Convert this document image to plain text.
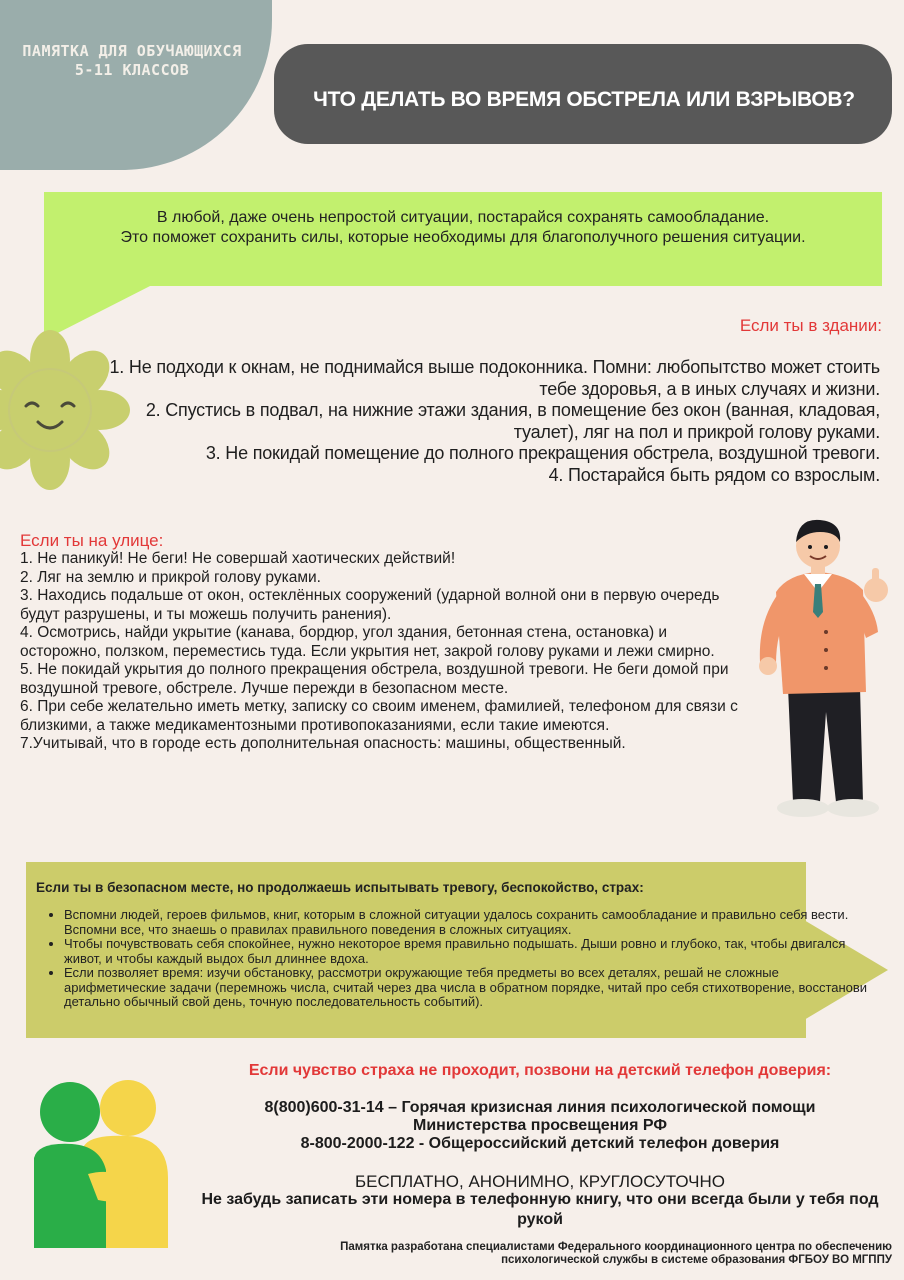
ПАМЯТКА ДЛЯ ОБУЧАЮЩИХСЯ 5-11 КЛАССОВ
ЧТО ДЕЛАТЬ ВО ВРЕМЯ ОБСТРЕЛА ИЛИ ВЗРЫВОВ?
В любой, даже очень непростой ситуации, постарайся сохранять самообладание.
Это поможет сохранить силы, которые необходимы для благополучного решения ситуации.
Если ты в здании:

1. Не подходи к окнам, не поднимайся выше подоконника. Помни: любопытство может стоить тебе здоровья, а в иных случаях и жизни.

2. Спустись в подвал, на нижние этажи здания, в помещение без окон (ванная, кладовая, туалет), ляг на пол и прикрой голову руками.

3. Не покидай помещение до полного прекращения обстрела, воздушной тревоги.

4. Постарайся быть рядом со взрослым.

Если ты на улице:

1. Не паникуй! Не беги! Не совершай хаотических действий!

2. Ляг на землю и прикрой голову руками.

3. Находись подальше от окон, остеклённых сооружений (ударной волной они в первую очередь будут разрушены, и ты можешь получить ранения).

4. Осмотрись, найди укрытие (канава, бордюр, угол здания, бетонная стена, остановка) и осторожно, ползком, переместись туда. Если укрытия нет, закрой голову руками и лежи смирно.

5. Не покидай укрытия до полного прекращения обстрела, воздушной тревоги. Не беги домой при воздушной тревоге, обстреле. Лучше пережди в безопасном месте.

6. При себе желательно иметь метку, записку со своим именем, фамилией, телефоном для связи с близкими, а также медикаментозными противопоказаниями, если такие имеются.

7.Учитывай, что в городе есть дополнительная опасность: машины, общественный.

Если ты в безопасном месте, но продолжаешь испытывать тревогу, беспокойство, страх:
• Вспомни людей, героев фильмов, книг, которым в сложной ситуации удалось сохранить самообладание и правильно себя вести. Вспомни все, что знаешь о правилах правильного поведения в сложных ситуациях.
• Чтобы почувствовать себя спокойнее, нужно некоторое время правильно подышать. Дыши ровно и глубоко, так, чтобы двигался живот, и чтобы каждый выдох был длиннее вдоха.
• Если позволяет время: изучи обстановку, рассмотри окружающие тебя предметы во всех деталях, решай не сложные арифметические задачи (перемножь числа, считай через два числа в обратном порядке, читай про себя стихотворение, восстанови детально обычный свой день, точную последовательность событий).
Если чувство страха не проходит, позвони на детский телефон доверия:

8(800)600-31-14 – Горячая кризисная линия психологической помощи

Министерства просвещения РФ

8-800-2000-122 - Общероссийский детский телефон доверия

БЕСПЛАТНО, АНОНИМНО, КРУГЛОСУТОЧНО
Не забудь записать эти номера в телефонную книгу, что они всегда были у тебя под рукой
Памятка разработана специалистами Федерального координационного центра по обеспечению
психологической службы в системе образования ФГБОУ ВО МГППУ
